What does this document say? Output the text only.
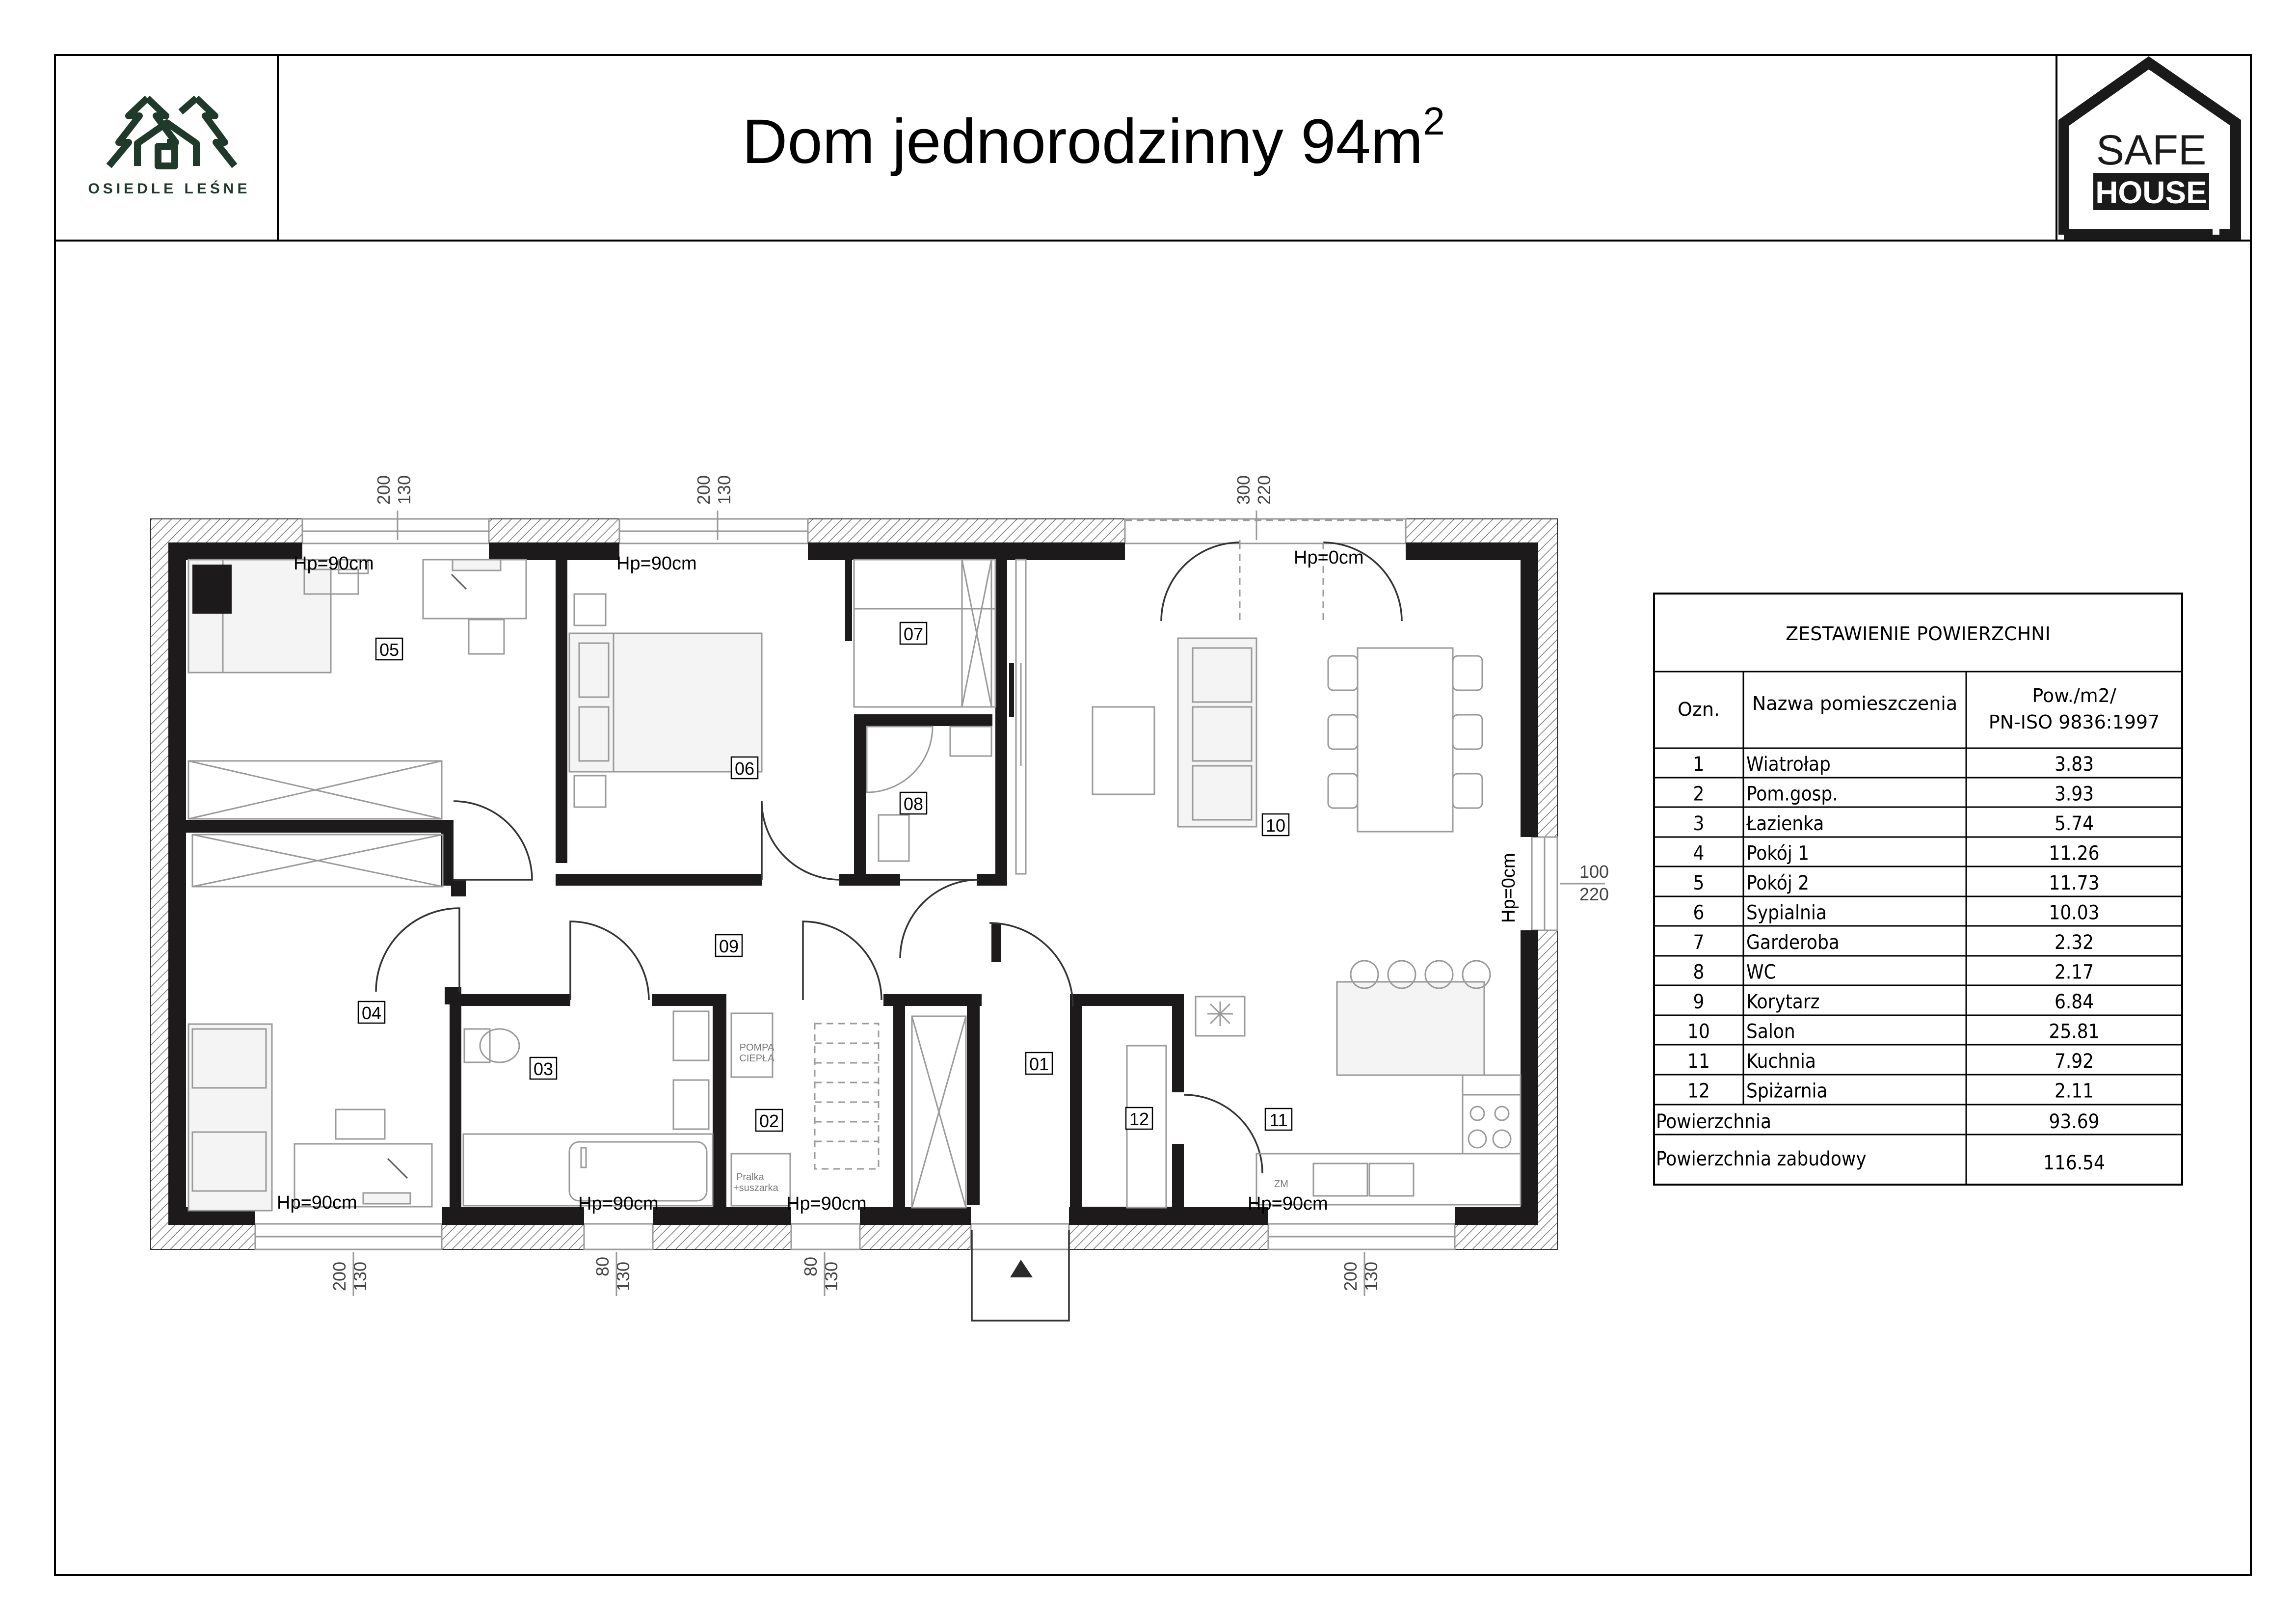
OSIEDLE LEŚNE
Dom jednorodzinny $94m^2$
SAFE
HOUSE
05
06
07
08
10
09
04
03	01
02	12	11
Hp=90cm	Hp=90cm	Hp=0cm
Hp=0cm
Hp=90cm	Hp=90cm	Hp=90cm	Hp=90cm
POMPA
CIEPŁA
Pralka
+suszarka	ZM
200 130	200 130	300 220
100
220
200 130	80 130	80 130	200 130
ZESTAWIENIE POWIERZCHNI
Ozn. Nazwa pomieszczenia	Pow./m2/
PN-ISO 9836:1997
1 Wiatrołap	3.83
2 Pom.gosp.	3.93
3 Łazienka	5.74
4 Pokój 1	11.26
5 Pokój 2	11.73
6 Sypialnia	10.03
7 Garderoba	2.32
8 WC	2.17
9 Korytarz	6.84
10 Salon	25.81
11 Kuchnia	7.92
12 Spiżarnia	2.11
Powierzchnia	93.69
Powierzchnia zabudowy	116.54
